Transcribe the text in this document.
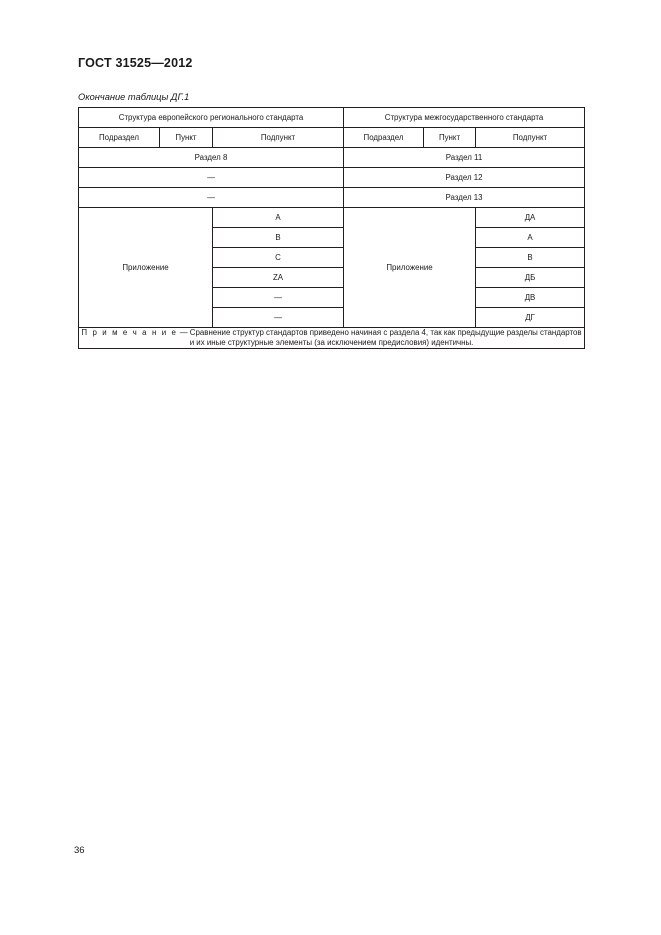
ГОСТ 31525—2012
Окончание таблицы ДГ.1
Структура европейского регионального стандарта			Структура межгосударственного стандарта		
Подраздел	Пункт	Подпункт	Подраздел	Пункт	Подпункт
Раздел 8			Раздел 11		
—			Раздел 12		
—			Раздел 13		
Приложение		A	Приложение		ДА
		B			А
		C			В
		ZA			ДБ
		—			ДВ
		—			ДГ
П р и м е ч а н и е — Сравнение структур стандартов приведено начиная с раздела 4, так как предыдущие разделы стандартов и их иные структурные элементы (за исключением предисловия) идентичны.					
36
